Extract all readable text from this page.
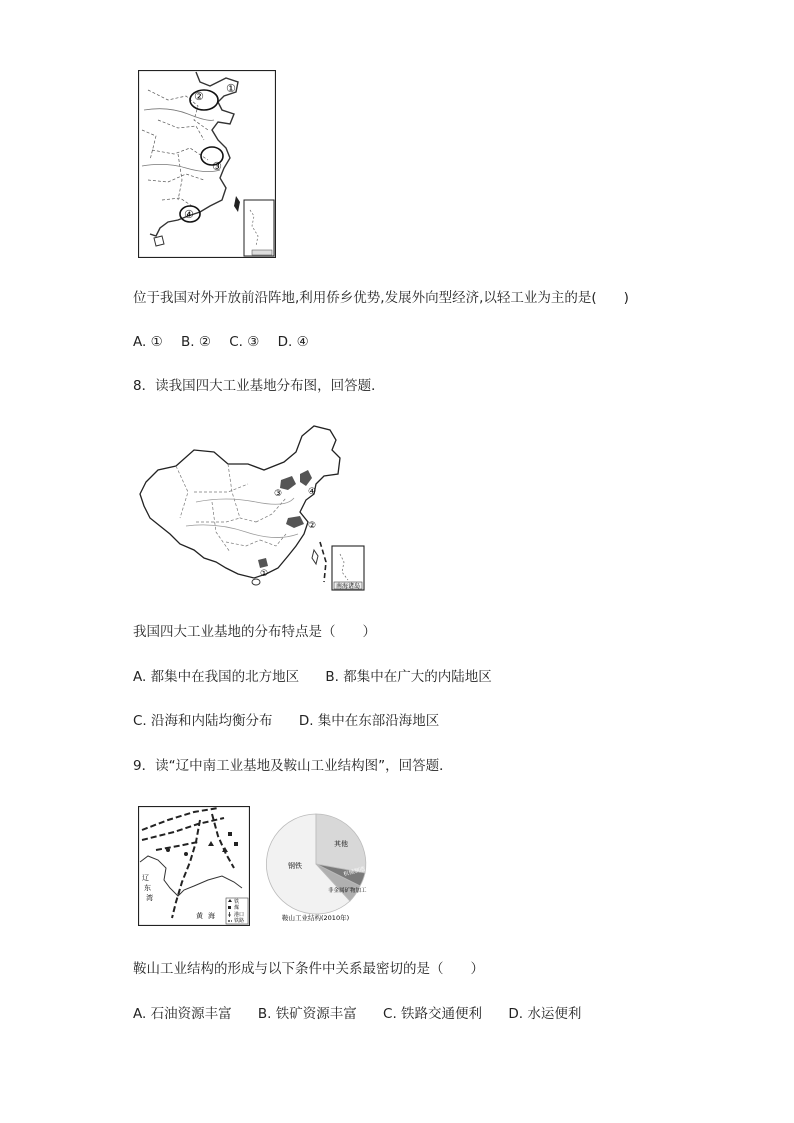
①
②
③
④
位于我国对外开放前沿阵地,利用侨乡优势,发展外向型经济,以轻工业为主的是(　　)
A. ① B. ② C. ③ D. ④
8．读我国四大工业基地分布图，回答题．
南海诸岛
①
②
③	④
我国四大工业基地的分布特点是（　　）
A. 都集中在我国的北方地区 B. 都集中在广大的内陆地区
C. 沿海和内陆均衡分布 D. 集中在东部沿海地区
9．读“辽中南工业基地及鞍山工业结构图”，回答题．
辽
东
湾
黄 海
铁
煤
港口
铁路
其他
机械制造
非金属矿物加工
钢铁
鞍山工业结构(2010年)
鞍山工业结构的形成与以下条件中关系最密切的是（　　）
A. 石油资源丰富 B. 铁矿资源丰富 C. 铁路交通便利 D. 水运便利
